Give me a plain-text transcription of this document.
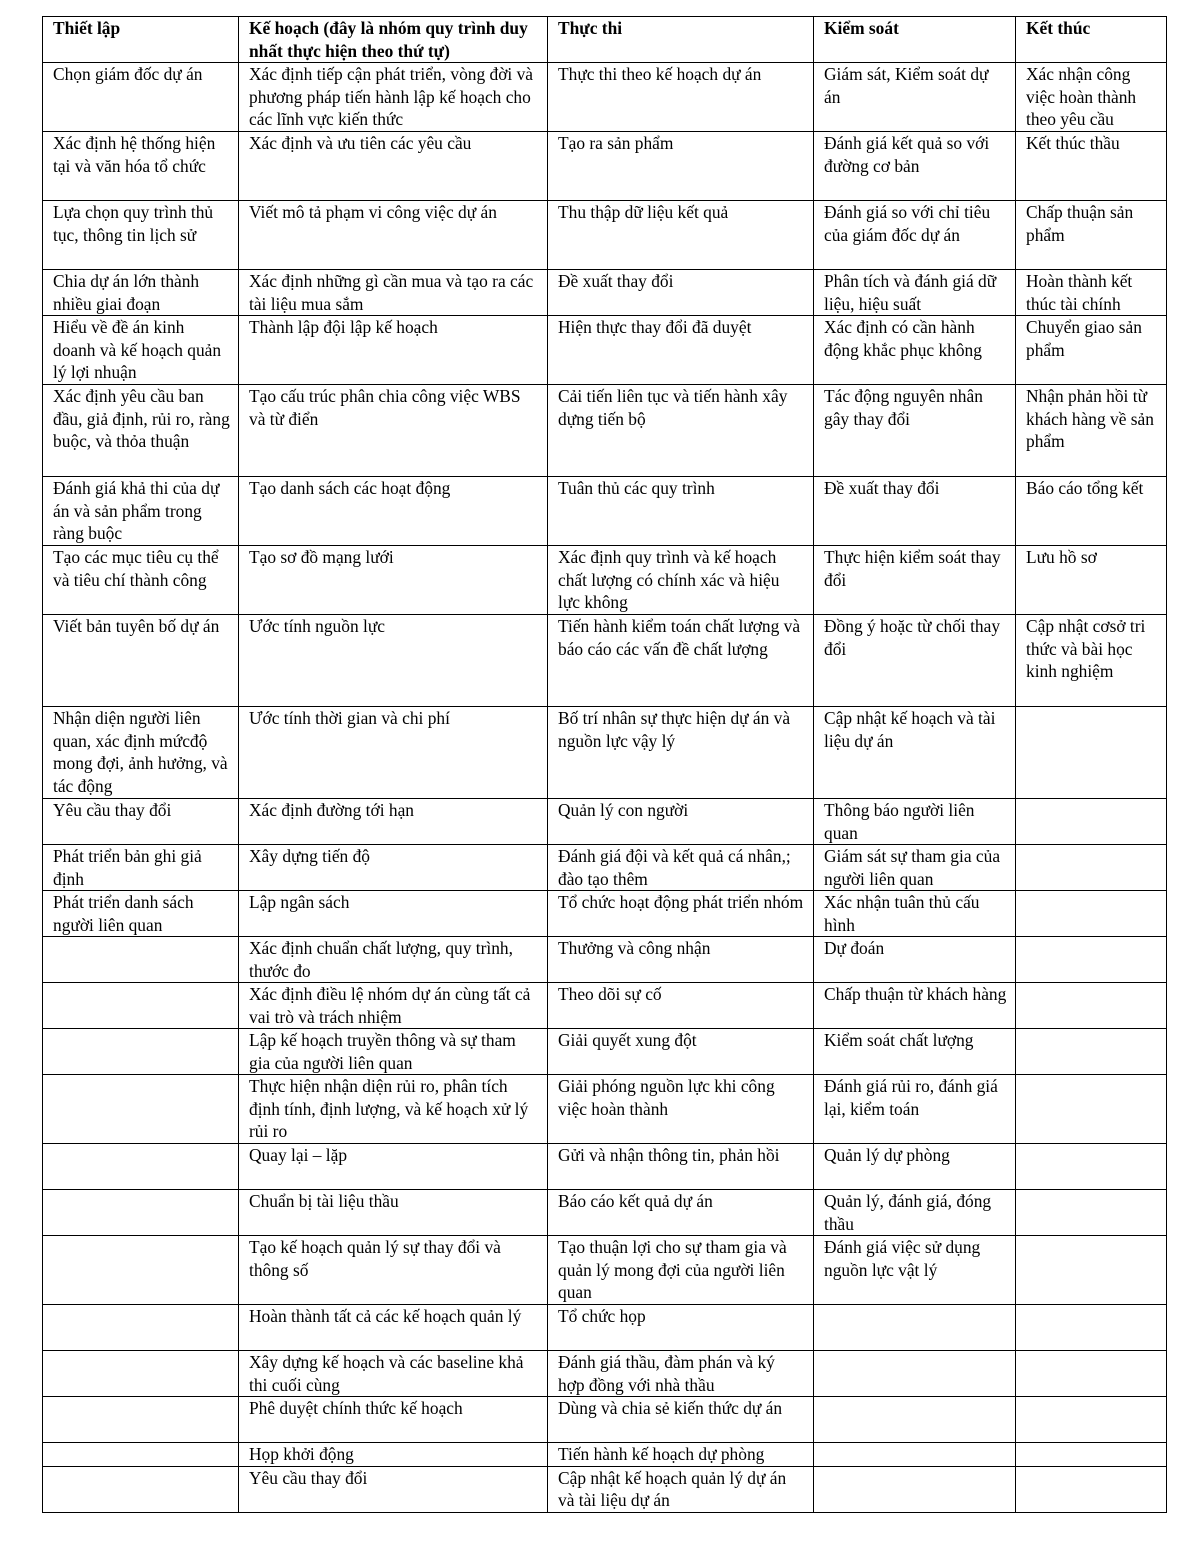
Thiết lập	Kế hoạch (đây là nhóm quy trình duy nhất thực hiện theo thứ tự)	Thực thi	Kiểm soát	Kết thúc
Chọn giám đốc dự án	Xác định tiếp cận phát triển, vòng đời và phương pháp tiến hành lập kế hoạch cho các lĩnh vực kiến thức	Thực thi theo kế hoạch dự án	Giám sát, Kiểm soát dự án	Xác nhận công việc hoàn thành theo yêu cầu
Xác định hệ thống hiện tại và văn hóa tổ chức	Xác định và ưu tiên các yêu cầu	Tạo ra sản phẩm	Đánh giá kết quả so với đường cơ bản	Kết thúc thầu
Lựa chọn quy trình thủ tục, thông tin lịch sử	Viết mô tả phạm vi công việc dự án	Thu thập dữ liệu kết quả	Đánh giá so với chỉ tiêu của giám đốc dự án	Chấp thuận sản phẩm
Chia dự án lớn thành nhiều giai đoạn	Xác định những gì cần mua và tạo ra các tài liệu mua sắm	Đề xuất thay đổi	Phân tích và đánh giá dữ liệu, hiệu suất	Hoàn thành kết thúc tài chính
Hiểu về đề án kinh doanh và kế hoạch quản lý lợi nhuận	Thành lập đội lập kế hoạch	Hiện thực thay đổi đã duyệt	Xác định có cần hành động khắc phục không	Chuyển giao sản phẩm
Xác định yêu cầu ban đầu, giả định, rủi ro, ràng buộc, và thỏa thuận	Tạo cấu trúc phân chia công việc WBS và từ điển	Cải tiến liên tục và tiến hành xây dựng tiến bộ	Tác động nguyên nhân gây thay đổi	Nhận phản hồi từ khách hàng về sản phẩm
Đánh giá khả thi của dự án và sản phẩm trong ràng buộc	Tạo danh sách các hoạt động	Tuân thủ các quy trình	Đề xuất thay đổi	Báo cáo tổng kết
Tạo các mục tiêu cụ thể và tiêu chí thành công	Tạo sơ đồ mạng lưới	Xác định quy trình và kế hoạch chất lượng có chính xác và hiệu lực không	Thực hiện kiểm soát thay đổi	Lưu hồ sơ
Viết bản tuyên bố dự án	Ước tính nguồn lực	Tiến hành kiểm toán chất lượng và báo cáo các vấn đề chất lượng	Đồng ý hoặc từ chối thay đổi	Cập nhật cơsở tri thức và bài học kinh nghiệm
Nhận diện người liên quan, xác định mứcđộ mong đợi, ảnh hưởng, và tác động	Ước tính thời gian và chi phí	Bố trí nhân sự thực hiện dự án và nguồn lực vậy lý	Cập nhật kế hoạch và tài liệu dự án	
Yêu cầu thay đổi	Xác định đường tới hạn	Quản lý con người	Thông báo người liên quan	
Phát triển bản ghi giả định	Xây dựng tiến độ	Đánh giá đội và kết quả cá nhân,; đào tạo thêm	Giám sát sự tham gia của người liên quan	
Phát triển danh sách người liên quan	Lập ngân sách	Tổ chức hoạt động phát triển nhóm	Xác nhận tuân thủ cấu hình	
	Xác định chuẩn chất lượng, quy trình, thước đo	Thưởng và công nhận	Dự đoán	
	Xác định điều lệ nhóm dự án cùng tất cả vai trò và trách nhiệm	Theo dõi sự cố	Chấp thuận từ khách hàng	
	Lập kế hoạch truyền thông và sự tham gia của người liên quan	Giải quyết xung đột	Kiểm soát chất lượng	
	Thực hiện nhận diện rủi ro, phân tích định tính, định lượng, và kế hoạch xử lý rủi ro	Giải phóng nguồn lực khi công việc hoàn thành	Đánh giá rủi ro, đánh giá lại, kiểm toán	
	Quay lại – lặp	Gửi và nhận thông tin, phản hồi	Quản lý dự phòng	
	Chuẩn bị tài liệu thầu	Báo cáo kết quả dự án	Quản lý, đánh giá, đóng thầu	
	Tạo kế hoạch quản lý sự thay đổi và thông số	Tạo thuận lợi cho sự tham gia và quản lý mong đợi của người liên quan	Đánh giá việc sử dụng nguồn lực vật lý	
	Hoàn thành tất cả các kế hoạch quản lý	Tổ chức họp		
	Xây dựng kế hoạch và các baseline khả thi cuối cùng	Đánh giá thầu, đàm phán và ký hợp đồng với nhà thầu		
	Phê duyệt chính thức kế hoạch	Dùng và chia sẻ kiến thức dự án		
	Họp khởi động	Tiến hành kế hoạch dự phòng		
	Yêu cầu thay đổi	Cập nhật kế hoạch quản lý dự án và tài liệu dự án		
